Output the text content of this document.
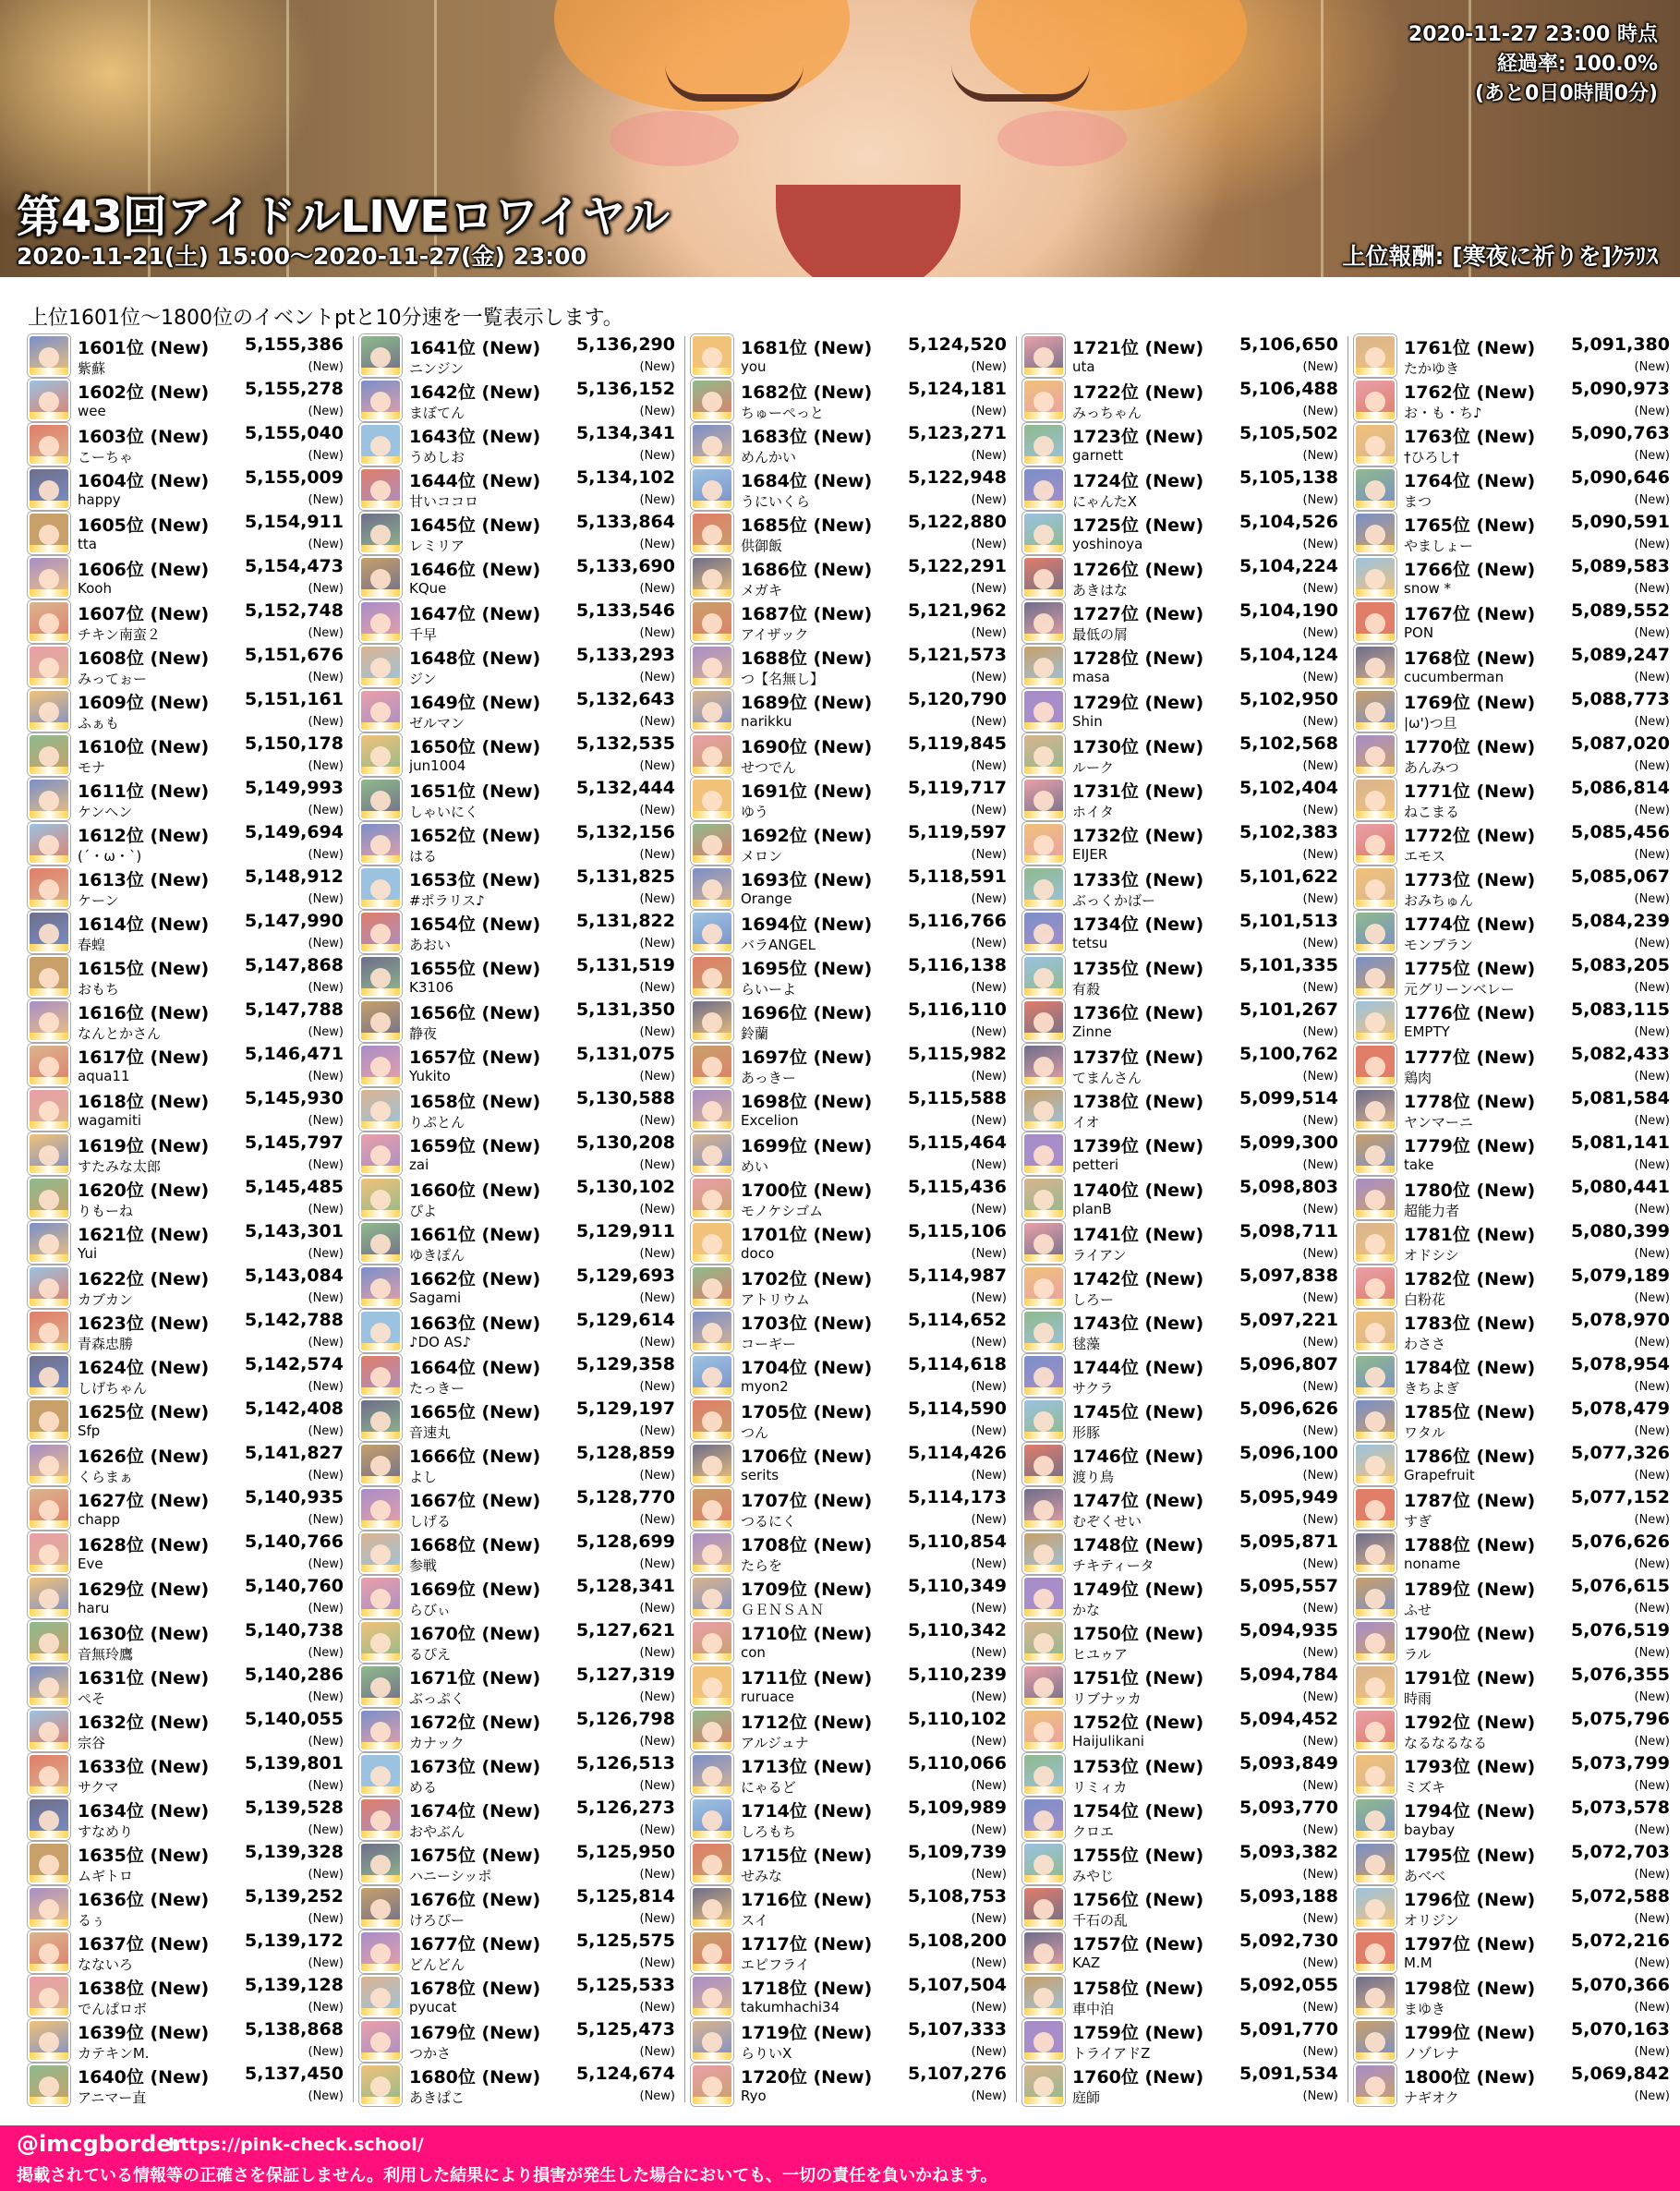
2020-11-27 23:00 時点
経過率: 100.0%
(あと0日0時間0分)
第43回アイドルLIVEロワイヤル
2020-11-21(土) 15:00～2020-11-27(金) 23:00	上位報酬: [寒夜に祈りを]ｸﾗﾘｽ
上位1601位～1800位のイベントptと10分速を一覧表示します。
1601位 (New) 5,155,386
紫蘇	(New)
1602位 (New) 5,155,278
wee	(New)
1603位 (New) 5,155,040
こーちゃ	(New)
1604位 (New) 5,155,009
happy	(New)
1605位 (New) 5,154,911
tta	(New)
1606位 (New) 5,154,473
Kooh	(New)
1607位 (New) 5,152,748
チキン南蛮２	(New)
1608位 (New) 5,151,676
みってぉー	(New)
1609位 (New) 5,151,161
ふぁも	(New)
1610位 (New) 5,150,178
モナ	(New)
1611位 (New) 5,149,993
ケンヘン	(New)
1612位 (New) 5,149,694
(´・ω・`)	(New)
1613位 (New) 5,148,912
ケーン	(New)
1614位 (New) 5,147,990
春蝗	(New)
1615位 (New) 5,147,868
おもち	(New)
1616位 (New) 5,147,788
なんとかさん	(New)
1617位 (New) 5,146,471
aqua11	(New)
1618位 (New) 5,145,930
wagamiti	(New)
1619位 (New) 5,145,797
すたみな太郎	(New)
1620位 (New) 5,145,485
りもーね	(New)
1621位 (New) 5,143,301
Yui	(New)
1622位 (New) 5,143,084
カブカン	(New)
1623位 (New) 5,142,788
青森忠勝	(New)
1624位 (New) 5,142,574
しげちゃん	(New)
1625位 (New) 5,142,408
Sfp	(New)
1626位 (New) 5,141,827
くらまぁ	(New)
1627位 (New) 5,140,935
chapp	(New)
1628位 (New) 5,140,766
Eve	(New)
1629位 (New) 5,140,760
haru	(New)
1630位 (New) 5,140,738
音無玲鷹	(New)
1631位 (New) 5,140,286
ぺそ	(New)
1632位 (New) 5,140,055
宗谷	(New)
1633位 (New) 5,139,801
サクマ	(New)
1634位 (New) 5,139,528
すなめり	(New)
1635位 (New) 5,139,328
ムギトロ	(New)
1636位 (New) 5,139,252
るぅ	(New)
1637位 (New) 5,139,172
なないろ	(New)
1638位 (New) 5,139,128
でんぱロボ	(New)
1639位 (New) 5,138,868
カテキンM.	(New)
1640位 (New) 5,137,450
アニマー直	(New)
1641位 (New) 5,136,290
ニンジン	(New)
1642位 (New) 5,136,152
まぼてん	(New)
1643位 (New) 5,134,341
うめしお	(New)
1644位 (New) 5,134,102
甘いココロ	(New)
1645位 (New) 5,133,864
レミリア	(New)
1646位 (New) 5,133,690
KQue	(New)
1647位 (New) 5,133,546
千早	(New)
1648位 (New) 5,133,293
ジン	(New)
1649位 (New) 5,132,643
ゼルマン	(New)
1650位 (New) 5,132,535
jun1004	(New)
1651位 (New) 5,132,444
しゃいにく	(New)
1652位 (New) 5,132,156
はる	(New)
1653位 (New) 5,131,825
#ポラリス♪	(New)
1654位 (New) 5,131,822
あおい	(New)
1655位 (New) 5,131,519
K3106	(New)
1656位 (New) 5,131,350
静夜	(New)
1657位 (New) 5,131,075
Yukito	(New)
1658位 (New) 5,130,588
りぷとん	(New)
1659位 (New) 5,130,208
zai	(New)
1660位 (New) 5,130,102
ぴよ	(New)
1661位 (New) 5,129,911
ゆきぽん	(New)
1662位 (New) 5,129,693
Sagami	(New)
1663位 (New) 5,129,614
♪DO AS♪	(New)
1664位 (New) 5,129,358
たっきー	(New)
1665位 (New) 5,129,197
音速丸	(New)
1666位 (New) 5,128,859
よし	(New)
1667位 (New) 5,128,770
しげる	(New)
1668位 (New) 5,128,699
参戦	(New)
1669位 (New) 5,128,341
らびぃ	(New)
1670位 (New) 5,127,621
るぴえ	(New)
1671位 (New) 5,127,319
ぶっぷく	(New)
1672位 (New) 5,126,798
カナック	(New)
1673位 (New) 5,126,513
める	(New)
1674位 (New) 5,126,273
おやぶん	(New)
1675位 (New) 5,125,950
ハニーシッポ	(New)
1676位 (New) 5,125,814
けろぴー	(New)
1677位 (New) 5,125,575
どんどん	(New)
1678位 (New) 5,125,533
pyucat	(New)
1679位 (New) 5,125,473
つかさ	(New)
1680位 (New) 5,124,674
あきぱこ	(New)
1681位 (New) 5,124,520
you	(New)
1682位 (New) 5,124,181
ちゅーぺっと	(New)
1683位 (New) 5,123,271
めんかい	(New)
1684位 (New) 5,122,948
うにいくら	(New)
1685位 (New) 5,122,880
供御飯	(New)
1686位 (New) 5,122,291
メガキ	(New)
1687位 (New) 5,121,962
アイザック	(New)
1688位 (New) 5,121,573
つ【名無し】	(New)
1689位 (New) 5,120,790
narikku	(New)
1690位 (New) 5,119,845
せつでん	(New)
1691位 (New) 5,119,717
ゆう	(New)
1692位 (New) 5,119,597
メロン	(New)
1693位 (New) 5,118,591
Orange	(New)
1694位 (New) 5,116,766
バラANGEL	(New)
1695位 (New) 5,116,138
らいーよ	(New)
1696位 (New) 5,116,110
鈴蘭	(New)
1697位 (New) 5,115,982
あっきー	(New)
1698位 (New) 5,115,588
Excelion	(New)
1699位 (New) 5,115,464
めい	(New)
1700位 (New) 5,115,436
モノケシゴム	(New)
1701位 (New) 5,115,106
doco	(New)
1702位 (New) 5,114,987
アトリウム	(New)
1703位 (New) 5,114,652
コーギー	(New)
1704位 (New) 5,114,618
myon2	(New)
1705位 (New) 5,114,590
つん	(New)
1706位 (New) 5,114,426
serits	(New)
1707位 (New) 5,114,173
つるにく	(New)
1708位 (New) 5,110,854
たらを	(New)
1709位 (New) 5,110,349
ＧＥＮＳＡＮ	(New)
1710位 (New) 5,110,342
con	(New)
1711位 (New) 5,110,239
ruruace	(New)
1712位 (New) 5,110,102
アルジュナ	(New)
1713位 (New) 5,110,066
にゃるど	(New)
1714位 (New) 5,109,989
しろもち	(New)
1715位 (New) 5,109,739
せみな	(New)
1716位 (New) 5,108,753
スイ	(New)
1717位 (New) 5,108,200
エピフライ	(New)
1718位 (New) 5,107,504
takumhachi34	(New)
1719位 (New) 5,107,333
らりいX	(New)
1720位 (New) 5,107,276
Ryo	(New)
1721位 (New) 5,106,650
uta	(New)
1722位 (New) 5,106,488
みっちゃん	(New)
1723位 (New) 5,105,502
garnett	(New)
1724位 (New) 5,105,138
にゃんたX	(New)
1725位 (New) 5,104,526
yoshinoya	(New)
1726位 (New) 5,104,224
あきはな	(New)
1727位 (New) 5,104,190
最低の屑	(New)
1728位 (New) 5,104,124
masa	(New)
1729位 (New) 5,102,950
Shin	(New)
1730位 (New) 5,102,568
ルーク	(New)
1731位 (New) 5,102,404
ホイタ	(New)
1732位 (New) 5,102,383
EIJER	(New)
1733位 (New) 5,101,622
ぶっくかばー	(New)
1734位 (New) 5,101,513
tetsu	(New)
1735位 (New) 5,101,335
有殺	(New)
1736位 (New) 5,101,267
Zinne	(New)
1737位 (New) 5,100,762
てまんさん	(New)
1738位 (New) 5,099,514
イオ	(New)
1739位 (New) 5,099,300
petteri	(New)
1740位 (New) 5,098,803
planB	(New)
1741位 (New) 5,098,711
ライアン	(New)
1742位 (New) 5,097,838
しろー	(New)
1743位 (New) 5,097,221
毬藻	(New)
1744位 (New) 5,096,807
サクラ	(New)
1745位 (New) 5,096,626
形豚	(New)
1746位 (New) 5,096,100
渡り鳥	(New)
1747位 (New) 5,095,949
むぞくせい	(New)
1748位 (New) 5,095,871
チキティータ	(New)
1749位 (New) 5,095,557
かな	(New)
1750位 (New) 5,094,935
ヒユゥア	(New)
1751位 (New) 5,094,784
リブナッカ	(New)
1752位 (New) 5,094,452
Haijulikani	(New)
1753位 (New) 5,093,849
リミィカ	(New)
1754位 (New) 5,093,770
クロエ	(New)
1755位 (New) 5,093,382
みやじ	(New)
1756位 (New) 5,093,188
千石の乱	(New)
1757位 (New) 5,092,730
KAZ	(New)
1758位 (New) 5,092,055
車中泊	(New)
1759位 (New) 5,091,770
トライアドZ	(New)
1760位 (New) 5,091,534
庭師	(New)
1761位 (New) 5,091,380
たかゆき	(New)
1762位 (New) 5,090,973
お・も・ち♪	(New)
1763位 (New) 5,090,763
†ひろし†	(New)
1764位 (New) 5,090,646
まつ	(New)
1765位 (New) 5,090,591
やましょー	(New)
1766位 (New) 5,089,583
snow *	(New)
1767位 (New) 5,089,552
PON	(New)
1768位 (New) 5,089,247
cucumberman	(New)
1769位 (New) 5,088,773
|ω')つ旦	(New)
1770位 (New) 5,087,020
あんみつ	(New)
1771位 (New) 5,086,814
ねこまる	(New)
1772位 (New) 5,085,456
エモス	(New)
1773位 (New) 5,085,067
おみちゅん	(New)
1774位 (New) 5,084,239
モンブラン	(New)
1775位 (New) 5,083,205
元グリーンベレー	(New)
1776位 (New) 5,083,115
EMPTY	(New)
1777位 (New) 5,082,433
鶏肉	(New)
1778位 (New) 5,081,584
ヤンマーニ	(New)
1779位 (New) 5,081,141
take	(New)
1780位 (New) 5,080,441
超能力者	(New)
1781位 (New) 5,080,399
オドシシ	(New)
1782位 (New) 5,079,189
白粉花	(New)
1783位 (New) 5,078,970
わささ	(New)
1784位 (New) 5,078,954
きちよぎ	(New)
1785位 (New) 5,078,479
ワタル	(New)
1786位 (New) 5,077,326
Grapefruit	(New)
1787位 (New) 5,077,152
すぎ	(New)
1788位 (New) 5,076,626
noname	(New)
1789位 (New) 5,076,615
ふせ	(New)
1790位 (New) 5,076,519
ラル	(New)
1791位 (New) 5,076,355
時雨	(New)
1792位 (New) 5,075,796
なるなるなる	(New)
1793位 (New) 5,073,799
ミズキ	(New)
1794位 (New) 5,073,578
baybay	(New)
1795位 (New) 5,072,703
あべべ	(New)
1796位 (New) 5,072,588
オリジン	(New)
1797位 (New) 5,072,216
M.M	(New)
1798位 (New) 5,070,366
まゆき	(New)
1799位 (New) 5,070,163
ノゾレナ	(New)
1800位 (New) 5,069,842
ナギオク	(New)
@imcgborder
https://pink-check.school/
掲載されている情報等の正確さを保証しません。利用した結果により損害が発生した場合においても、一切の責任を負いかねます。
